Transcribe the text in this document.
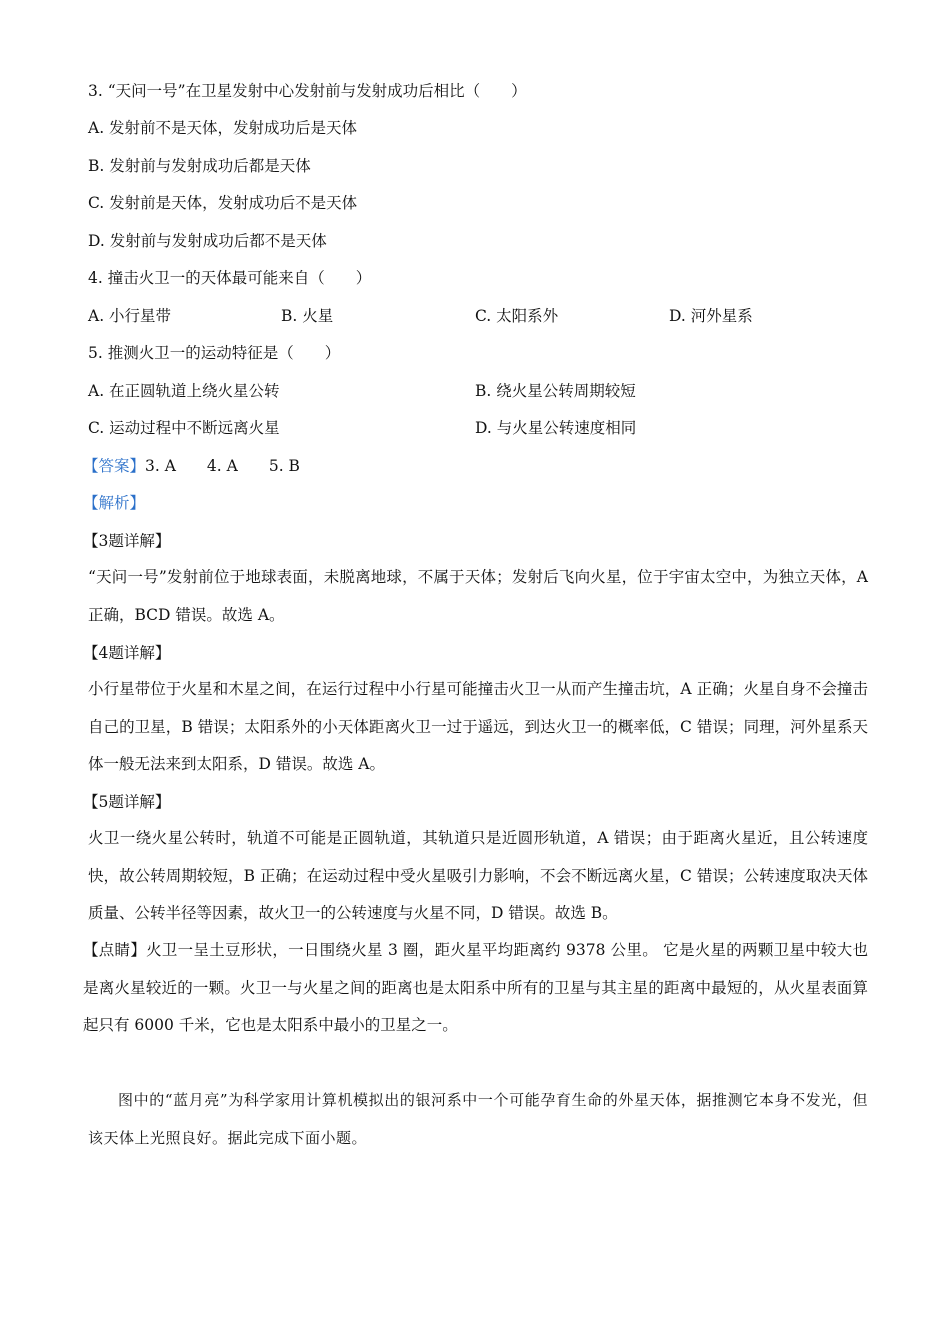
3. “天问一号”在卫星发射中心发射前与发射成功后相比（　　）
A. 发射前不是天体，发射成功后是天体
B. 发射前与发射成功后都是天体
C. 发射前是天体，发射成功后不是天体
D. 发射前与发射成功后都不是天体
4. 撞击火卫一的天体最可能来自（　　）
A. 小行星带	B. 火星	C. 太阳系外	D. 河外星系
5. 推测火卫一的运动特征是（　　）
A. 在正圆轨道上绕火星公转	B. 绕火星公转周期较短
C. 运动过程中不断远离火星	D. 与火星公转速度相同
【答案】3. A　　4. A　　5. B
【解析】
【3题详解】
“天问一号”发射前位于地球表面，未脱离地球，不属于天体；发射后飞向火星，位于宇宙太空中，为独立天体，A 正确，BCD 错误。故选 A。
【4题详解】
小行星带位于火星和木星之间，在运行过程中小行星可能撞击火卫一从而产生撞击坑，A 正确；火星自身不会撞击自己的卫星，B 错误；太阳系外的小天体距离火卫一过于遥远，到达火卫一的概率低，C 错误；同理，河外星系天体一般无法来到太阳系，D 错误。故选 A。
【5题详解】
火卫一绕火星公转时，轨道不可能是正圆轨道，其轨道只是近圆形轨道，A 错误；由于距离火星近，且公转速度快，故公转周期较短，B 正确；在运动过程中受火星吸引力影响，不会不断远离火星，C 错误；公转速度取决天体质量、公转半径等因素，故火卫一的公转速度与火星不同，D 错误。故选 B。
【点睛】火卫一呈土豆形状，一日围绕火星 3 圈，距火星平均距离约 9378 公里。 它是火星的两颗卫星中较大也是离火星较近的一颗。火卫一与火星之间的距离也是太阳系中所有的卫星与其主星的距离中最短的，从火星表面算起只有 6000 千米，它也是太阳系中最小的卫星之一。
图中的“蓝月亮”为科学家用计算机模拟出的银河系中一个可能孕育生命的外星天体，据推测它本身不发光，但该天体上光照良好。据此完成下面小题。
